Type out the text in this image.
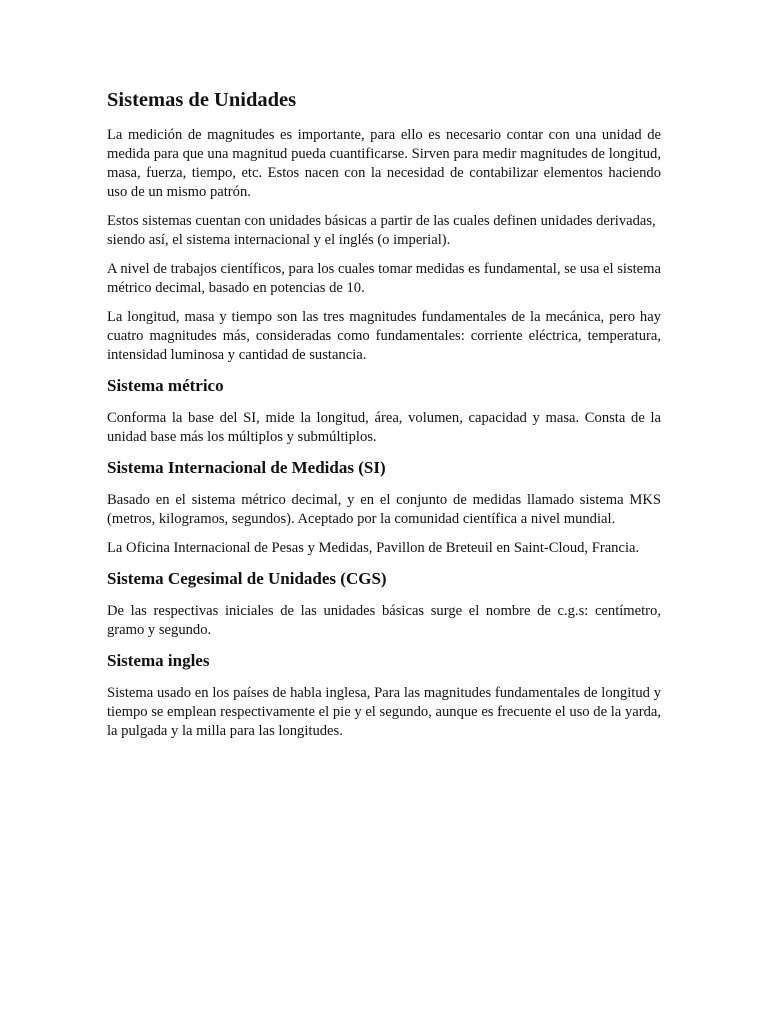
Sistemas de Unidades

La medición de magnitudes es importante, para ello es necesario contar con una unidad de medida para que una magnitud pueda cuantificarse. Sirven para medir magnitudes de longitud, masa, fuerza, tiempo, etc. Estos nacen con la necesidad de contabilizar elementos haciendo uso de un mismo patrón.

Estos sistemas cuentan con unidades básicas a partir de las cuales definen unidades derivadas, siendo así, el sistema internacional y el inglés (o imperial).

A nivel de trabajos científicos, para los cuales tomar medidas es fundamental, se usa el sistema métrico decimal, basado en potencias de 10.

La longitud, masa y tiempo son las tres magnitudes fundamentales de la mecánica, pero hay cuatro magnitudes más, consideradas como fundamentales: corriente eléctrica, temperatura, intensidad luminosa y cantidad de sustancia.

Sistema métrico

Conforma la base del SI, mide la longitud, área, volumen, capacidad y masa. Consta de la unidad base más los múltiplos y submúltiplos.

Sistema Internacional de Medidas (SI)

Basado en el sistema métrico decimal, y en el conjunto de medidas llamado sistema MKS (metros, kilogramos, segundos). Aceptado por la comunidad científica a nivel mundial.

La Oficina Internacional de Pesas y Medidas, Pavillon de Breteuil en Saint-Cloud, Francia.

Sistema Cegesimal de Unidades (CGS)

De las respectivas iniciales de las unidades básicas surge el nombre de c.g.s: centímetro, gramo y segundo.

Sistema ingles

Sistema usado en los países de habla inglesa, Para las magnitudes fundamentales de longitud y tiempo se emplean respectivamente el pie y el segundo, aunque es frecuente el uso de la yarda, la pulgada y la milla para las longitudes.
